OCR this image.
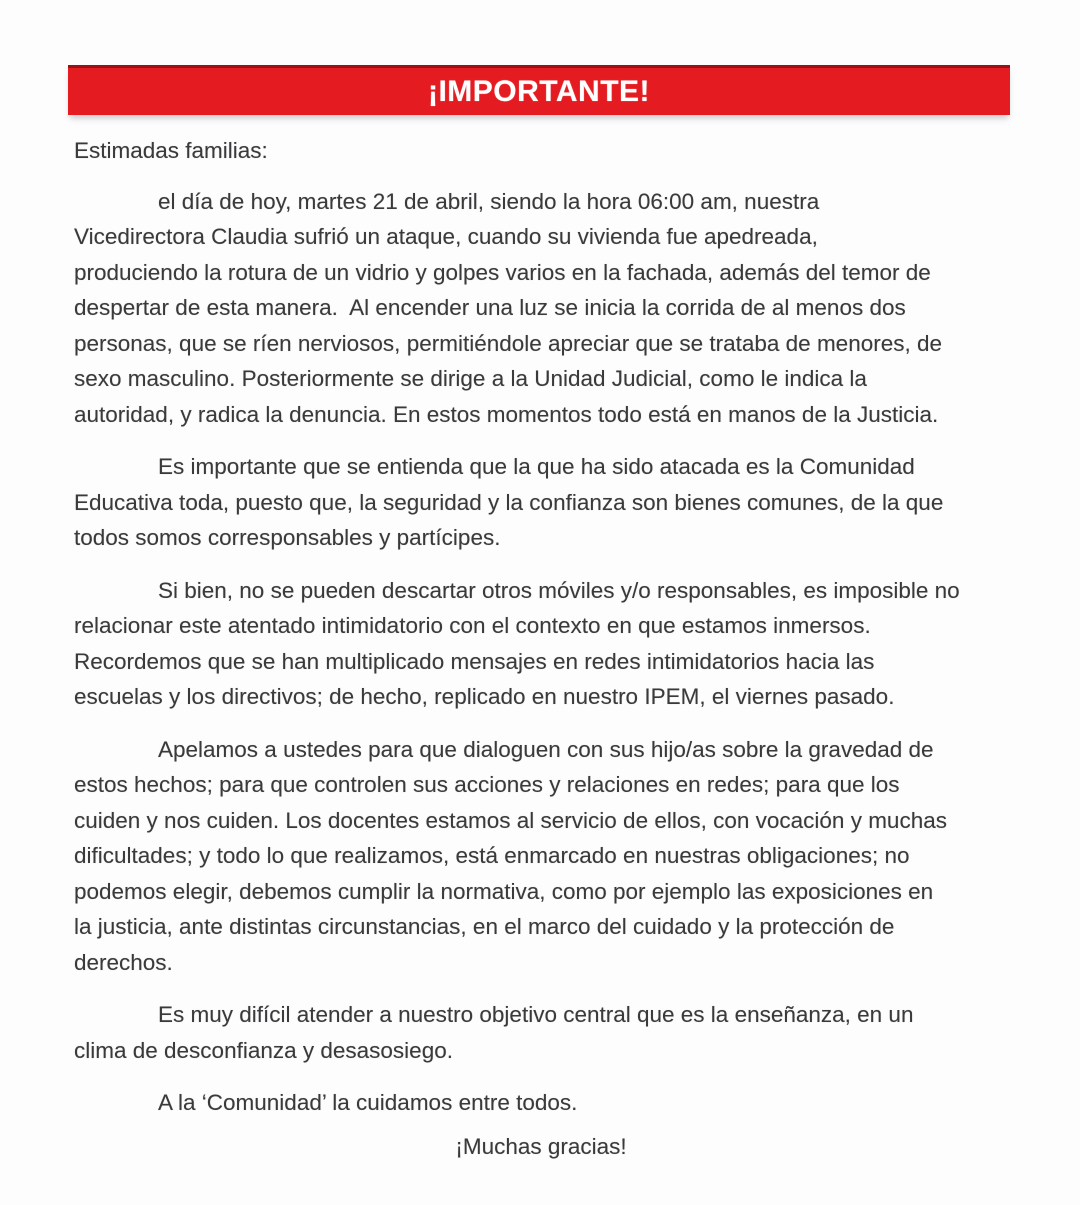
¡IMPORTANTE!
Estimadas familias:
el día de hoy, martes 21 de abril, siendo la hora 06:00 am, nuestra
Vicedirectora Claudia sufrió un ataque, cuando su vivienda fue apedreada,
produciendo la rotura de un vidrio y golpes varios en la fachada, además del temor de
despertar de esta manera.  Al encender una luz se inicia la corrida de al menos dos
personas, que se ríen nerviosos, permitiéndole apreciar que se trataba de menores, de
sexo masculino. Posteriormente se dirige a la Unidad Judicial, como le indica la
autoridad, y radica la denuncia. En estos momentos todo está en manos de la Justicia.
Es importante que se entienda que la que ha sido atacada es la Comunidad
Educativa toda, puesto que, la seguridad y la confianza son bienes comunes, de la que
todos somos corresponsables y partícipes.
Si bien, no se pueden descartar otros móviles y/o responsables, es imposible no
relacionar este atentado intimidatorio con el contexto en que estamos inmersos.
Recordemos que se han multiplicado mensajes en redes intimidatorios hacia las
escuelas y los directivos; de hecho, replicado en nuestro IPEM, el viernes pasado.
Apelamos a ustedes para que dialoguen con sus hijo/as sobre la gravedad de
estos hechos; para que controlen sus acciones y relaciones en redes; para que los
cuiden y nos cuiden. Los docentes estamos al servicio de ellos, con vocación y muchas
dificultades; y todo lo que realizamos, está enmarcado en nuestras obligaciones; no
podemos elegir, debemos cumplir la normativa, como por ejemplo las exposiciones en
la justicia, ante distintas circunstancias, en el marco del cuidado y la protección de
derechos.
Es muy difícil atender a nuestro objetivo central que es la enseñanza, en un
clima de desconfianza y desasosiego.
A la ‘Comunidad’ la cuidamos entre todos.
¡Muchas gracias!
